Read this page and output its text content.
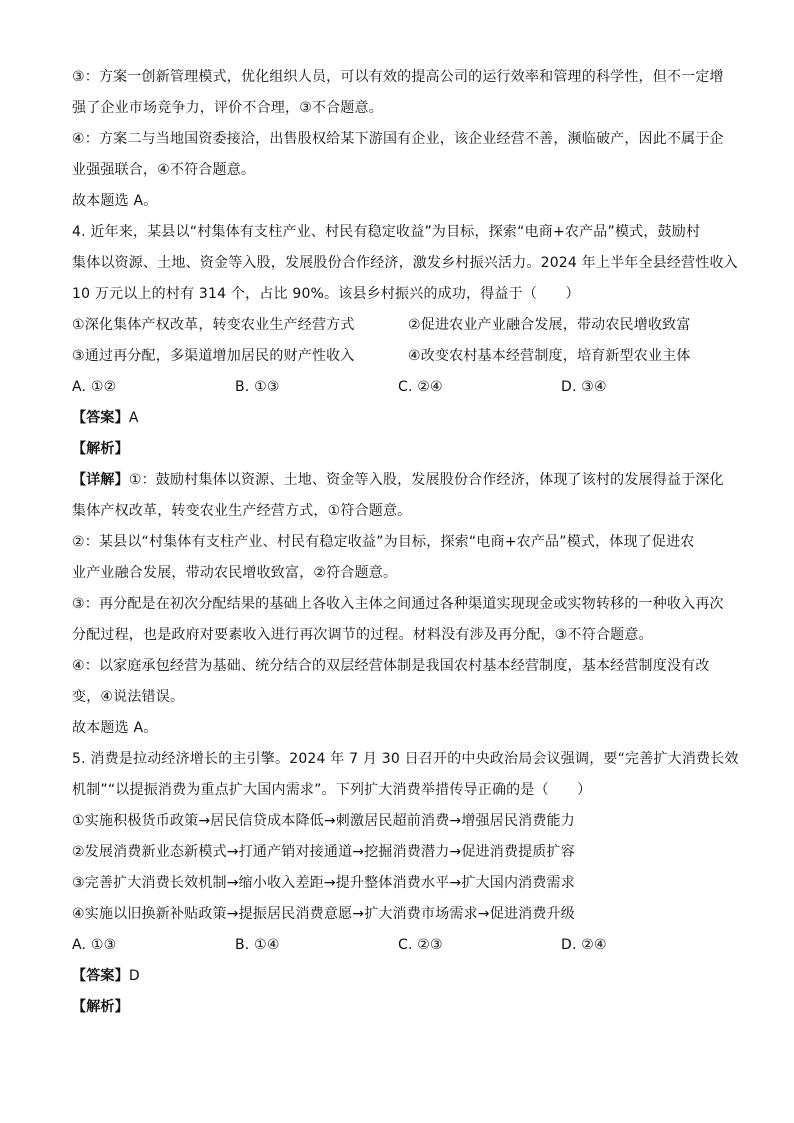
③：方案一创新管理模式，优化组织人员，可以有效的提高公司的运行效率和管理的科学性，但不一定增
强了企业市场竞争力，评价不合理，③不合题意。
④：方案二与当地国资委接洽，出售股权给某下游国有企业，该企业经营不善，濒临破产，因此不属于企
业强强联合，④不符合题意。
故本题选 A。
4. 近年来，某县以“村集体有支柱产业、村民有稳定收益”为目标，探索“电商+农产品”模式，鼓励村
集体以资源、土地、资金等入股，发展股份合作经济，激发乡村振兴活力。2024 年上半年全县经营性收入
10 万元以上的村有 314 个，占比 90%。该县乡村振兴的成功，得益于（　　）
①深化集体产权改革，转变农业生产经营方式	②促进农业产业融合发展，带动农民增收致富
③通过再分配，多渠道增加居民的财产性收入	④改变农村基本经营制度，培育新型农业主体
A. ①②	B. ①③	C. ②④	D. ③④
【答案】A
【解析】
【详解】①：鼓励村集体以资源、土地、资金等入股，发展股份合作经济，体现了该村的发展得益于深化
集体产权改革，转变农业生产经营方式，①符合题意。
②：某县以“村集体有支柱产业、村民有稳定收益”为目标，探索“电商+农产品”模式，体现了促进农
业产业融合发展，带动农民增收致富，②符合题意。
③：再分配是在初次分配结果的基础上各收入主体之间通过各种渠道实现现金或实物转移的一种收入再次
分配过程，也是政府对要素收入进行再次调节的过程。材料没有涉及再分配，③不符合题意。
④：以家庭承包经营为基础、统分结合的双层经营体制是我国农村基本经营制度，基本经营制度没有改
变，④说法错误。
故本题选 A。
5. 消费是拉动经济增长的主引擎。2024 年 7 月 30 日召开的中央政治局会议强调，要“完善扩大消费长效
机制”“以提振消费为重点扩大国内需求”。下列扩大消费举措传导正确的是（　　）
①实施积极货币政策→居民信贷成本降低→刺激居民超前消费→增强居民消费能力
②发展消费新业态新模式→打通产销对接通道→挖掘消费潜力→促进消费提质扩容
③完善扩大消费长效机制→缩小收入差距→提升整体消费水平→扩大国内消费需求
④实施以旧换新补贴政策→提振居民消费意愿→扩大消费市场需求→促进消费升级
A. ①③	B. ①④	C. ②③	D. ②④
【答案】D
【解析】
